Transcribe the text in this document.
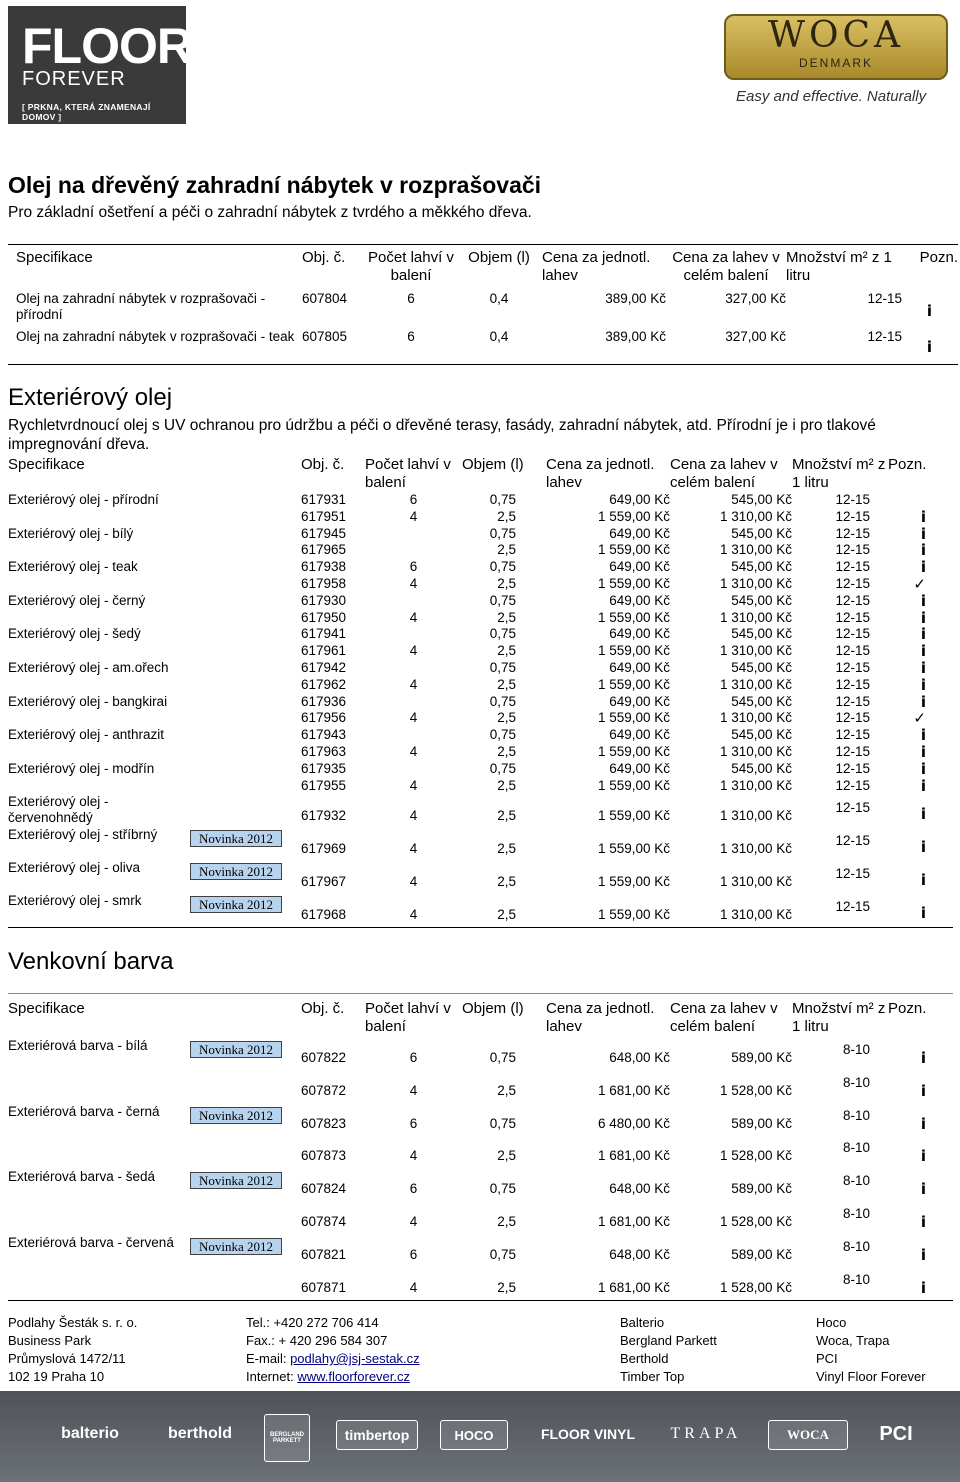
FLOOR
FOREVER
[ PRKNA, KTERÁ ZNAMENAJÍ DOMOV ]
WOCA
DENMARK
Easy and effective. Naturally
Olej na dřevěný zahradní nábytek v rozprašovači
Pro základní ošetření a péči o zahradní nábytek z tvrdého a měkkého dřeva.
Specifikace	Obj. č.	Počet lahví v balení	Objem (l)	Cena za jednotl. lahev	Cena za lahev v celém balení	Množství m² z 1 litru	Pozn.
Olej na zahradní nábytek v rozprašovači - přírodní	607804	6	0,4	389,00 Kč	327,00 Kč	12-15	i
Olej na zahradní nábytek v rozprašovači - teak	607805	6	0,4	389,00 Kč	327,00 Kč	12-15	i
Exteriérový olej
Rychletvrdnoucí olej s UV ochranou pro údržbu a péči o dřevěné terasy, fasády, zahradní nábytek, atd. Přírodní je i pro tlakové impregnování dřeva.
Specifikace	Obj. č.	Počet lahví v balení	Objem (l)	Cena za jednotl. lahev	Cena za lahev v celém balení	Množství m² z 1 litru	Pozn.
Exteriérový olej - přírodní	617931	6	0,75	649,00 Kč	545,00 Kč	12-15	
	617951	4	2,5	1 559,00 Kč	1 310,00 Kč	12-15	i
Exteriérový olej - bílý	617945		0,75	649,00 Kč	545,00 Kč	12-15	i
	617965		2,5	1 559,00 Kč	1 310,00 Kč	12-15	i
Exteriérový olej - teak	617938	6	0,75	649,00 Kč	545,00 Kč	12-15	i
	617958	4	2,5	1 559,00 Kč	1 310,00 Kč	12-15	✓
Exteriérový olej - černý	617930		0,75	649,00 Kč	545,00 Kč	12-15	i
	617950	4	2,5	1 559,00 Kč	1 310,00 Kč	12-15	i
Exteriérový olej - šedý	617941		0,75	649,00 Kč	545,00 Kč	12-15	i
	617961	4	2,5	1 559,00 Kč	1 310,00 Kč	12-15	i
Exteriérový olej - am.ořech	617942		0,75	649,00 Kč	545,00 Kč	12-15	i
	617962	4	2,5	1 559,00 Kč	1 310,00 Kč	12-15	i
Exteriérový olej - bangkirai	617936		0,75	649,00 Kč	545,00 Kč	12-15	i
	617956	4	2,5	1 559,00 Kč	1 310,00 Kč	12-15	✓
Exteriérový olej - anthrazit	617943		0,75	649,00 Kč	545,00 Kč	12-15	i
	617963	4	2,5	1 559,00 Kč	1 310,00 Kč	12-15	i
Exteriérový olej - modřín	617935		0,75	649,00 Kč	545,00 Kč	12-15	i
	617955	4	2,5	1 559,00 Kč	1 310,00 Kč	12-15	i
Exteriérový olej - červenohnědý	617932	4	2,5	1 559,00 Kč	1 310,00 Kč	12-15	i
Exteriérový olej - stříbrný Novinka 2012	617969	4	2,5	1 559,00 Kč	1 310,00 Kč	12-15	i
Exteriérový olej - oliva Novinka 2012	617967	4	2,5	1 559,00 Kč	1 310,00 Kč	12-15	i
Exteriérový olej - smrk Novinka 2012	617968	4	2,5	1 559,00 Kč	1 310,00 Kč	12-15	i
Venkovní barva
Specifikace	Obj. č.	Počet lahví v balení	Objem (l)	Cena za jednotl. lahev	Cena za lahev v celém balení	Množství m² z 1 litru	Pozn.
Exteriérová barva - bílá Novinka 2012	607822	6	0,75	648,00 Kč	589,00 Kč	8-10	i
	607872	4	2,5	1 681,00 Kč	1 528,00 Kč	8-10	i
Exteriérová barva - černá Novinka 2012	607823	6	0,75	6 480,00 Kč	589,00 Kč	8-10	i
	607873	4	2,5	1 681,00 Kč	1 528,00 Kč	8-10	i
Exteriérová barva - šedá Novinka 2012	607824	6	0,75	648,00 Kč	589,00 Kč	8-10	i
	607874	4	2,5	1 681,00 Kč	1 528,00 Kč	8-10	i
Exteriérová barva - červená Novinka 2012	607821	6	0,75	648,00 Kč	589,00 Kč	8-10	i
	607871	4	2,5	1 681,00 Kč	1 528,00 Kč	8-10	i
Podlahy Šesták s. r. o.
Business Park
Průmyslová 1472/11
102 19 Praha 10
Tel.: +420 272 706 414
Fax.: + 420 296 584 307
E-mail: podlahy@jsj-sestak.cz
Internet: www.floorforever.cz
Balterio
Bergland Parkett
Berthold
Timber Top
Hoco
Woca, Trapa
PCI
Vinyl Floor Forever
balterio	berthold	BERGLAND PARKETT	timbertop	HOCO	FLOOR VINYL	TRAPA	WOCA	PCI
